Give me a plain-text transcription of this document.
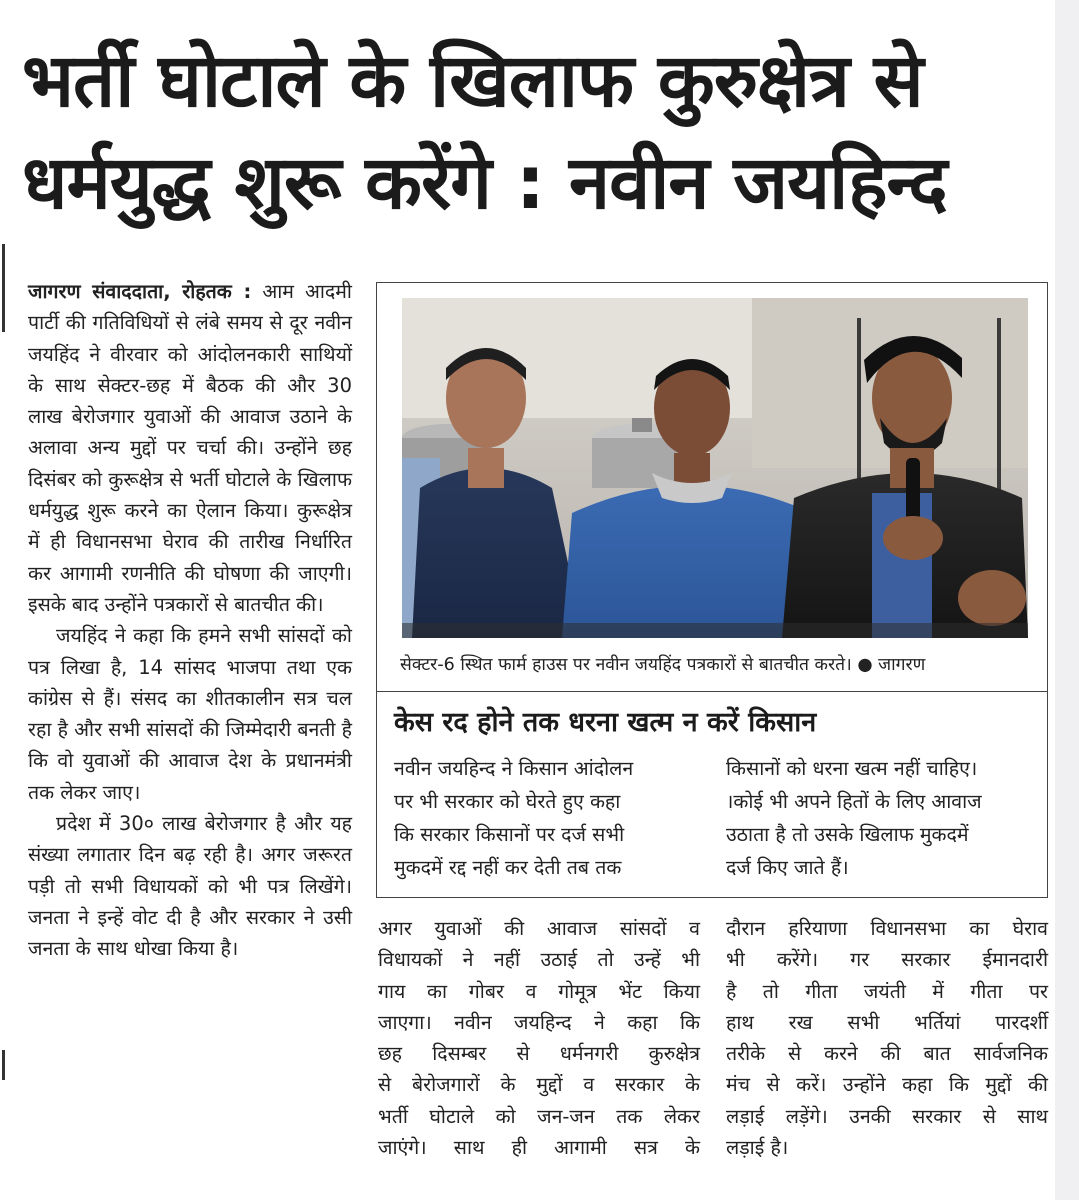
भर्ती घोटाले के खिलाफ कुरुक्षेत्र से
धर्मयुद्ध शुरू करेंगे : नवीन जयहिन्द

जागरण संवाददाता, रोहतक : आम आदमी पार्टी की गतिविधियों से लंबे समय से दूर नवीन जयहिंद ने वीरवार को आंदोलनकारी साथियों के साथ सेक्टर-छह में बैठक की और 30 लाख बेरोजगार युवाओं की आवाज उठाने के अलावा अन्य मुद्दों पर चर्चा की। उन्होंने छह दिसंबर को कुरूक्षेत्र से भर्ती घोटाले के खिलाफ धर्मयुद्ध शुरू करने का ऐलान किया। कुरूक्षेत्र में ही विधानसभा घेराव की तारीख निर्धारित कर आगामी रणनीति की घोषणा की जाएगी। इसके बाद उन्होंने पत्रकारों से बातचीत की।

जयहिंद ने कहा कि हमने सभी सांसदों को पत्र लिखा है, 14 सांसद भाजपा तथा एक कांग्रेस से हैं। संसद का शीतकालीन सत्र चल रहा है और सभी सांसदों की जिम्मेदारी बनती है कि वो युवाओं की आवाज देश के प्रधानमंत्री तक लेकर जाए।

प्रदेश में 30० लाख बेरोजगार है और यह संख्या लगातार दिन बढ़ रही है। अगर जरूरत पड़ी तो सभी विधायकों को भी पत्र लिखेंगे। जनता ने इन्हें वोट दी है और सरकार ने उसी जनता के साथ धोखा किया है।

सेक्टर-6 स्थित फार्म हाउस पर नवीन जयहिंद पत्रकारों से बातचीत करते। ● जागरण
केस रद होने तक धरना खत्म न करें किसान
नवीन जयहिन्द ने किसान आंदोलन
पर भी सरकार को घेरते हुए कहा
कि सरकार किसानों पर दर्ज सभी
मुकदमें रद्द नहीं कर देती तब तक
किसानों को धरना खत्म नहीं चाहिए।
।कोई भी अपने हितों के लिए आवाज
उठाता है तो उसके खिलाफ मुकदमें
दर्ज किए जाते हैं।
अगर युवाओं की आवाज सांसदों व
विधायकों ने नहीं उठाई तो उन्हें भी
गाय का गोबर व गोमूत्र भेंट किया
जाएगा। नवीन जयहिन्द ने कहा कि
छह दिसम्बर से धर्मनगरी कुरुक्षेत्र
से बेरोजगारों के मुद्दों व सरकार के
भर्ती घोटाले को जन-जन तक लेकर
जाएंगे। साथ ही आगामी सत्र के
दौरान हरियाणा विधानसभा का घेराव
भी करेंगे। गर सरकार ईमानदारी
है तो गीता जयंती में गीता पर
हाथ रख सभी भर्तियां पारदर्शी
तरीके से करने की बात सार्वजनिक
मंच से करें। उन्होंने कहा कि मुद्दों की
लड़ाई लड़ेंगे। उनकी सरकार से साथ
लड़ाई है।
